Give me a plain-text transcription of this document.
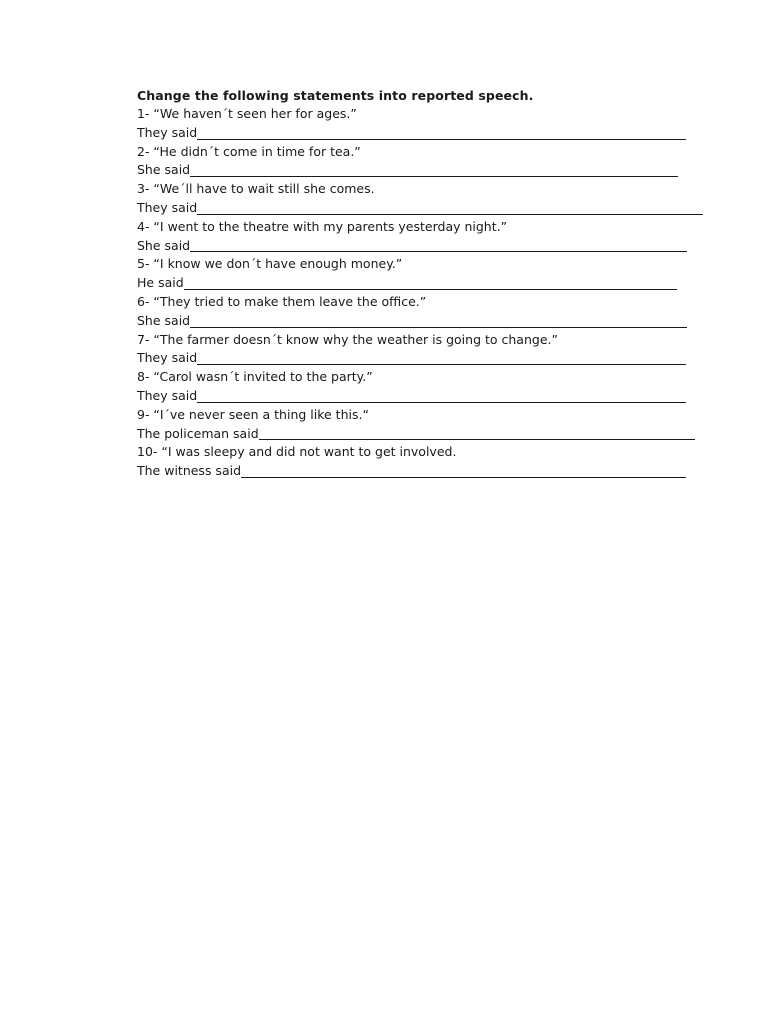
Change the following statements into reported speech.
1- “We haven´t seen her for ages.”
They said
2- “He didn´t come in time for tea.”
She said
3- “We´ll have to wait still she comes.
They said
4- “I went to the theatre with my parents yesterday night.”
She said
5- “I know we don´t have enough money.”
He said
6- “They tried to make them leave the office.”
She said
7- “The farmer doesn´t know why the weather is going to change.”
They said
8- “Carol wasn´t invited to the party.”
They said
9- “I´ve never seen a thing like this.“
The policeman said
10- “I was sleepy and did not want to get involved.
The witness said
